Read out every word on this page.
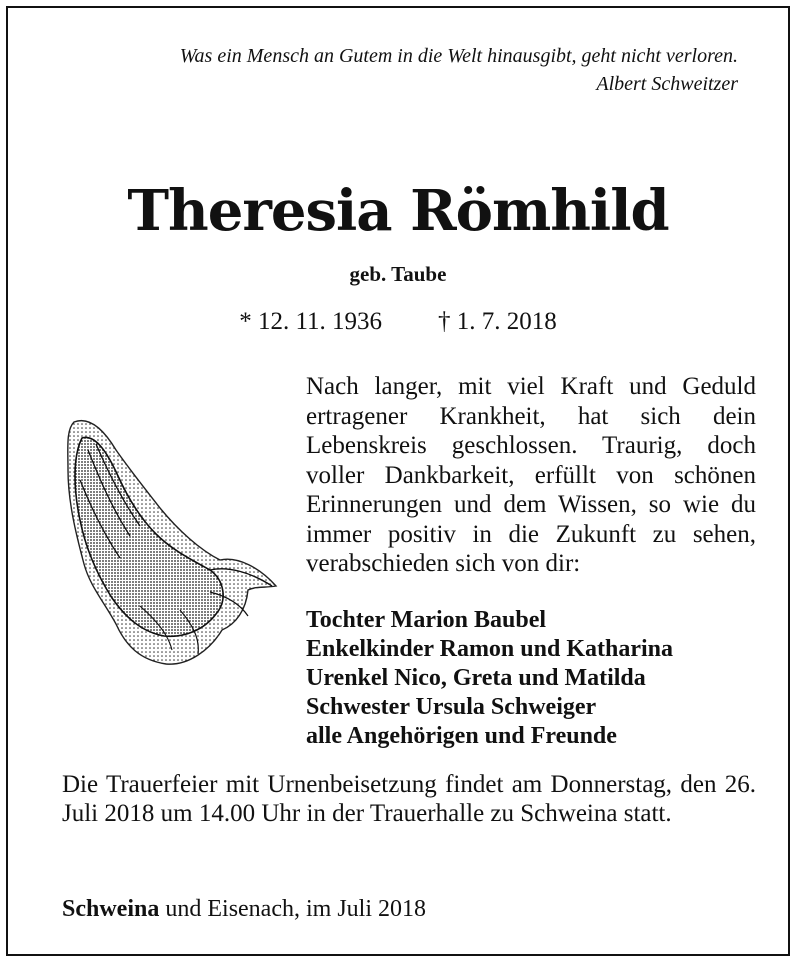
Was ein Mensch an Gutem in die Welt hinausgibt, geht nicht verloren.
Albert Schweitzer
Theresia Römhild
geb. Taube
* 12. 11. 1936 † 1. 7. 2018
Nach langer, mit viel Kraft und Geduld ertragener Krankheit, hat sich dein Lebenskreis geschlossen. Traurig, doch voller Dankbarkeit, erfüllt von schönen Erinnerungen und dem Wissen, so wie du immer positiv in die Zukunft zu sehen, verabschieden sich von dir:
Tochter Marion Baubel
Enkelkinder Ramon und Katharina
Urenkel Nico, Greta und Matilda
Schwester Ursula Schweiger
alle Angehörigen und Freunde
Die Trauerfeier mit Urnenbeisetzung findet am Donnerstag, den 26. Juli 2018 um 14.00 Uhr in der Trauerhalle zu Schweina statt.
Schweina und Eisenach, im Juli 2018
